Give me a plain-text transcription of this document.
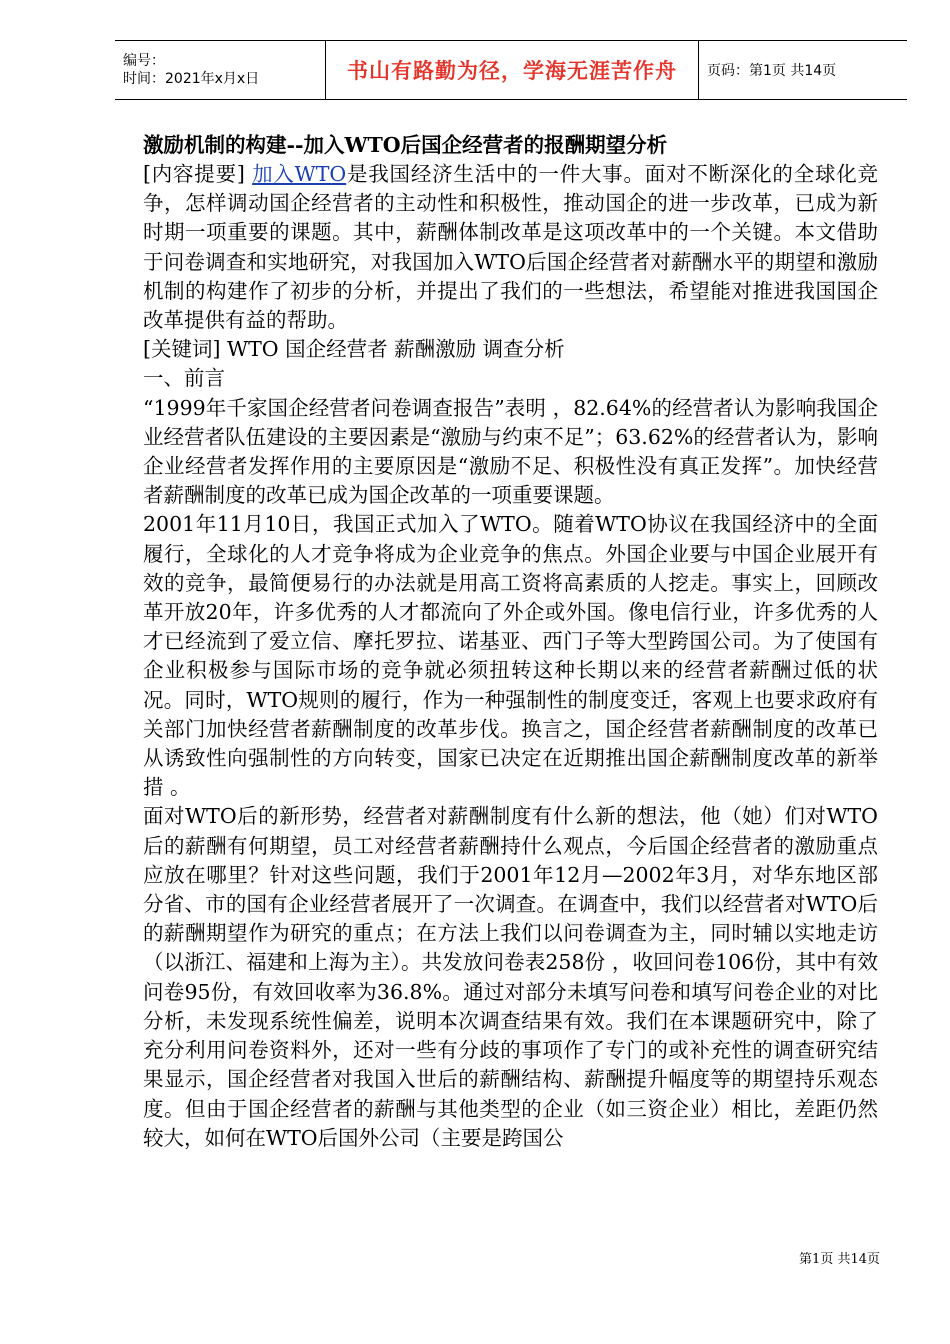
编号：
时间：2021年x月x日	书山有路勤为径，学海无涯苦作舟	页码：第1页 共14页
激励机制的构建--加入WTO后国企经营者的报酬期望分析

[内容提要] 加入WTO是我国经济生活中的一件大事。面对不断深化的全球化竞争，怎样调动国企经营者的主动性和积极性，推动国企的进一步改革，已成为新时期一项重要的课题。其中，薪酬体制改革是这项改革中的一个关键。本文借助于问卷调查和实地研究，对我国加入WTO后国企经营者对薪酬水平的期望和激励机制的构建作了初步的分析，并提出了我们的一些想法，希望能对推进我国国企改革提供有益的帮助。

[关键词] WTO 国企经营者 薪酬激励 调查分析

一、前言

“1999年千家国企经营者问卷调查报告”表明 ，82.64%的经营者认为影响我国企业经营者队伍建设的主要因素是“激励与约束不足”；63.62%的经营者认为，影响企业经营者发挥作用的主要原因是“激励不足、积极性没有真正发挥”。加快经营者薪酬制度的改革已成为国企改革的一项重要课题。

2001年11月10日，我国正式加入了WTO。随着WTO协议在我国经济中的全面履行，全球化的人才竞争将成为企业竞争的焦点。外国企业要与中国企业展开有效的竞争，最简便易行的办法就是用高工资将高素质的人挖走。事实上，回顾改革开放20年，许多优秀的人才都流向了外企或外国。像电信行业，许多优秀的人才已经流到了爱立信、摩托罗拉、诺基亚、西门子等大型跨国公司。为了使国有企业积极参与国际市场的竞争就必须扭转这种长期以来的经营者薪酬过低的状况。同时，WTO规则的履行，作为一种强制性的制度变迁，客观上也要求政府有关部门加快经营者薪酬制度的改革步伐。换言之，国企经营者薪酬制度的改革已从诱致性向强制性的方向转变，国家已决定在近期推出国企薪酬制度改革的新举措 。

面对WTO后的新形势，经营者对薪酬制度有什么新的想法，他（她）们对WTO后的薪酬有何期望，员工对经营者薪酬持什么观点，今后国企经营者的激励重点应放在哪里？针对这些问题，我们于2001年12月—2002年3月，对华东地区部分省、市的国有企业经营者展开了一次调查。在调查中，我们以经营者对WTO后的薪酬期望作为研究的重点；在方法上我们以问卷调查为主，同时辅以实地走访（以浙江、福建和上海为主）。共发放问卷表258份 ，收回问卷106份，其中有效问卷95份，有效回收率为36.8%。通过对部分未填写问卷和填写问卷企业的对比分析，未发现系统性偏差，说明本次调查结果有效。我们在本课题研究中，除了充分利用问卷资料外，还对一些有分歧的事项作了专门的或补充性的调查研究结果显示，国企经营者对我国入世后的薪酬结构、薪酬提升幅度等的期望持乐观态度。但由于国企经营者的薪酬与其他类型的企业（如三资企业）相比，差距仍然较大，如何在WTO后国外公司（主要是跨国公

第1页 共14页
